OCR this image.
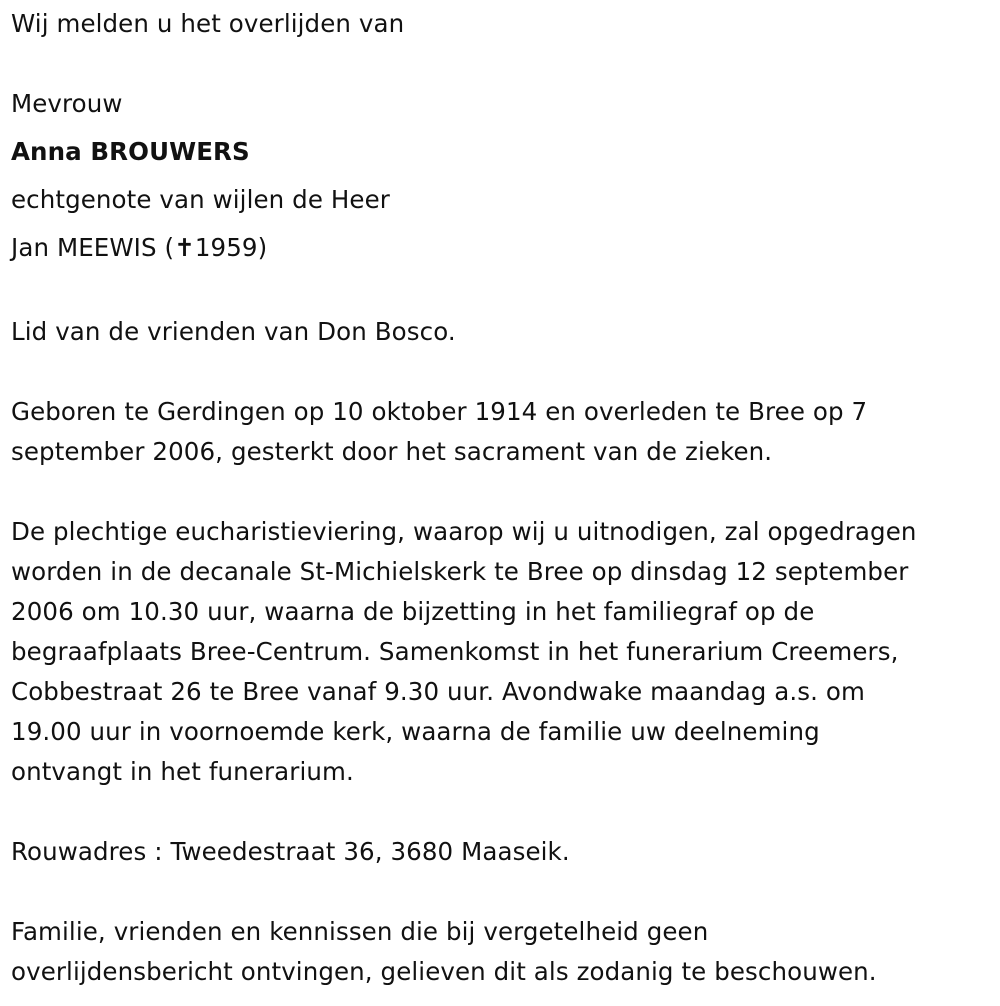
Wij melden u het overlijden van
Mevrouw
Anna BROUWERS
echtgenote van wijlen de Heer
Jan MEEWIS (✝1959)
Lid van de vrienden van Don Bosco.
Geboren te Gerdingen op 10 oktober 1914 en overleden te Bree op 7
september 2006, gesterkt door het sacrament van de zieken.
De plechtige eucharistieviering, waarop wij u uitnodigen, zal opgedragen
worden in de decanale St-Michielskerk te Bree op dinsdag 12 september
2006 om 10.30 uur, waarna de bijzetting in het familiegraf op de
begraafplaats Bree-Centrum. Samenkomst in het funerarium Creemers,
Cobbestraat 26 te Bree vanaf 9.30 uur. Avondwake maandag a.s. om
19.00 uur in voornoemde kerk, waarna de familie uw deelneming
ontvangt in het funerarium.
Rouwadres : Tweedestraat 36, 3680 Maaseik.
Familie, vrienden en kennissen die bij vergetelheid geen
overlijdensbericht ontvingen, gelieven dit als zodanig te beschouwen.
